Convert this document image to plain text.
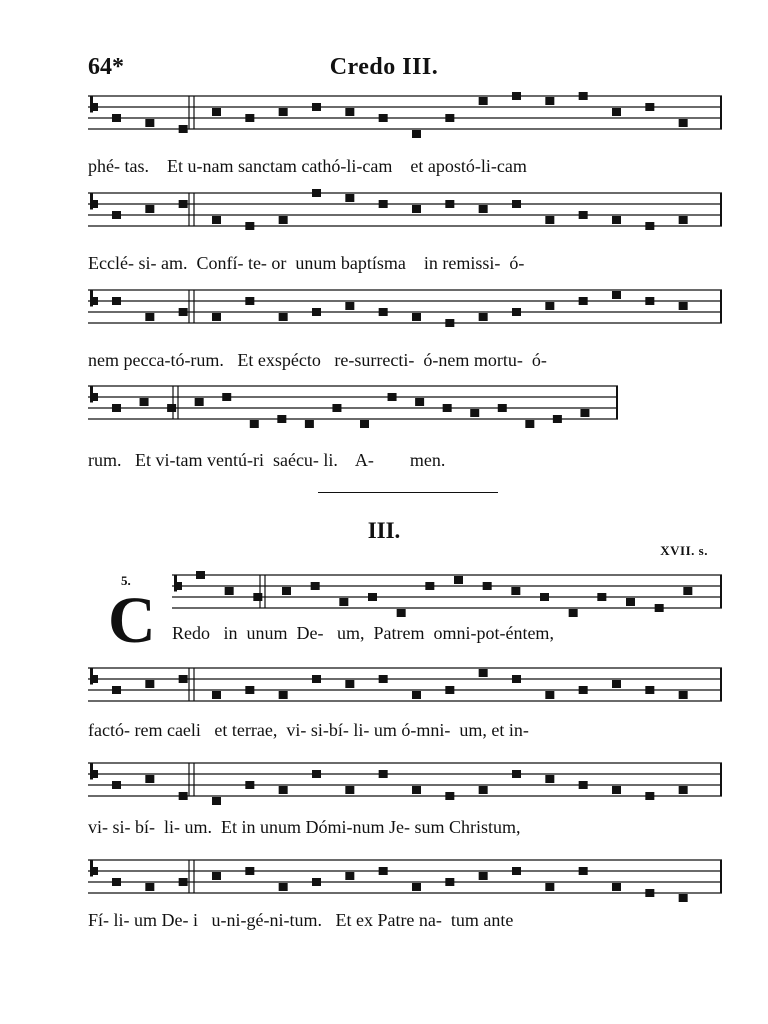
64*	Credo III.
phé- tas.    Et u-nam sanctam cathó-li-cam    et apostó-li-cam
Ecclé- si- am.  Confí- te- or  unum baptísma    in remissi-  ó-
nem pecca-tó-rum.   Et exspécto   re-surrecti-  ó-nem mortu-  ó-
rum.   Et vi-tam ventú-ri  saécu- li.    A-        men.
III.
XVII. s.
5.
C Redo   in  unum  De-   um,  Patrem  omni-pot-éntem,
factó- rem caeli   et terrae,  vi- si-bí- li- um ó-mni-  um, et in-
vi- si- bí-  li- um.  Et in unum Dómi-num Je- sum Christum,
Fí- li- um De- i   u-ni-gé-ni-tum.   Et ex Patre na-  tum ante
